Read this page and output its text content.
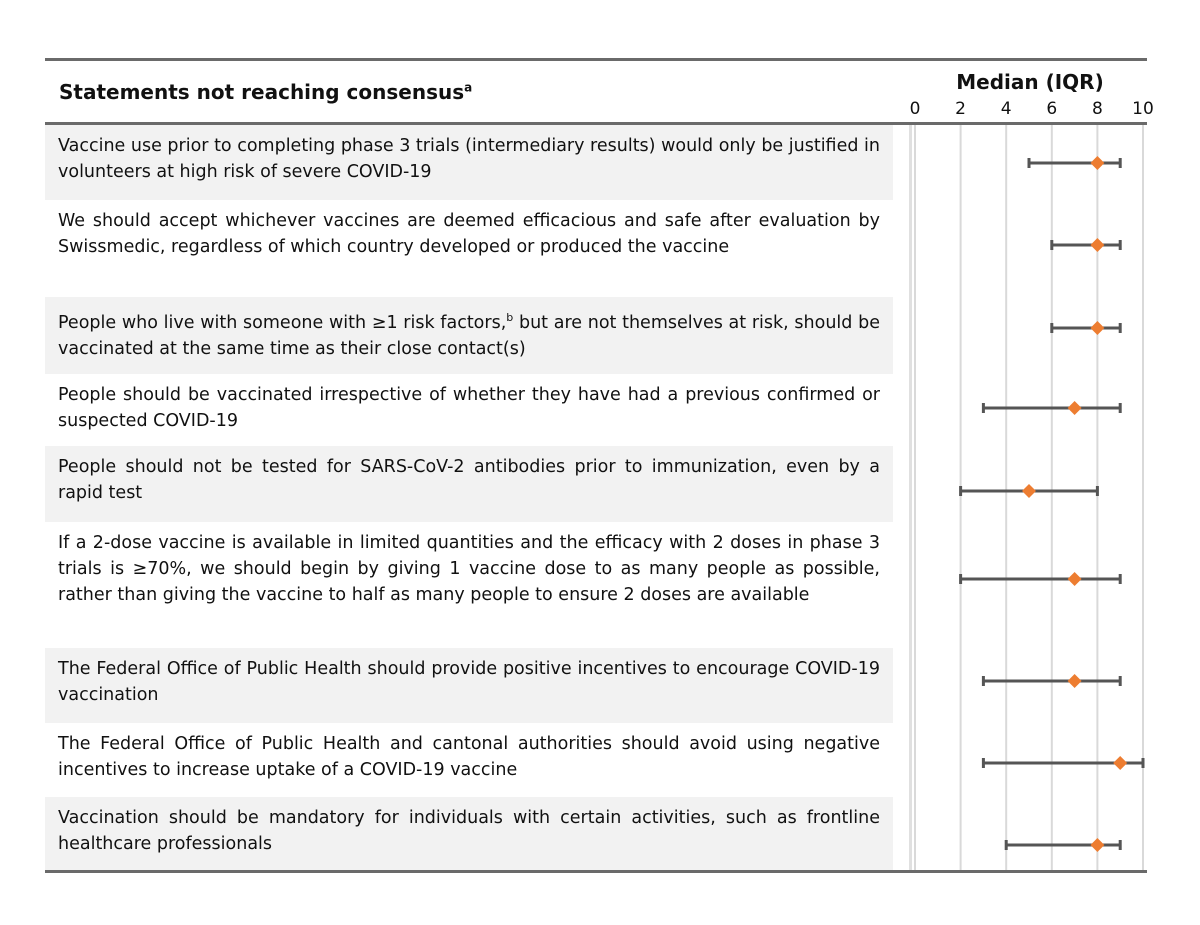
Statements not reaching consensus$^a$	Median (IQR)
0 2 4 6 8 10
Vaccine use prior to completing phase 3 trials (intermediary results) would only be justified in volunteers at high risk of severe COVID-19
We should accept whichever vaccines are deemed efficacious and safe after evaluation by Swissmedic, regardless of which country developed or produced the vaccine
People who live with someone with ≥1 risk factors,$^b$ but are not themselves at risk, should be vaccinated at the same time as their close contact(s)
People should be vaccinated irrespective of whether they have had a previous confirmed or suspected COVID-19
People should not be tested for SARS-CoV-2 antibodies prior to immunization, even by a rapid test
If a 2-dose vaccine is available in limited quantities and the efficacy with 2 doses in phase 3 trials is ≥70%, we should begin by giving 1 vaccine dose to as many people as possible, rather than giving the vaccine to half as many people to ensure 2 doses are available
The Federal Office of Public Health should provide positive incentives to encourage COVID-19 vaccination
The Federal Office of Public Health and cantonal authorities should avoid using negative incentives to increase uptake of a COVID-19 vaccine
Vaccination should be mandatory for individuals with certain activities, such as frontline healthcare professionals
